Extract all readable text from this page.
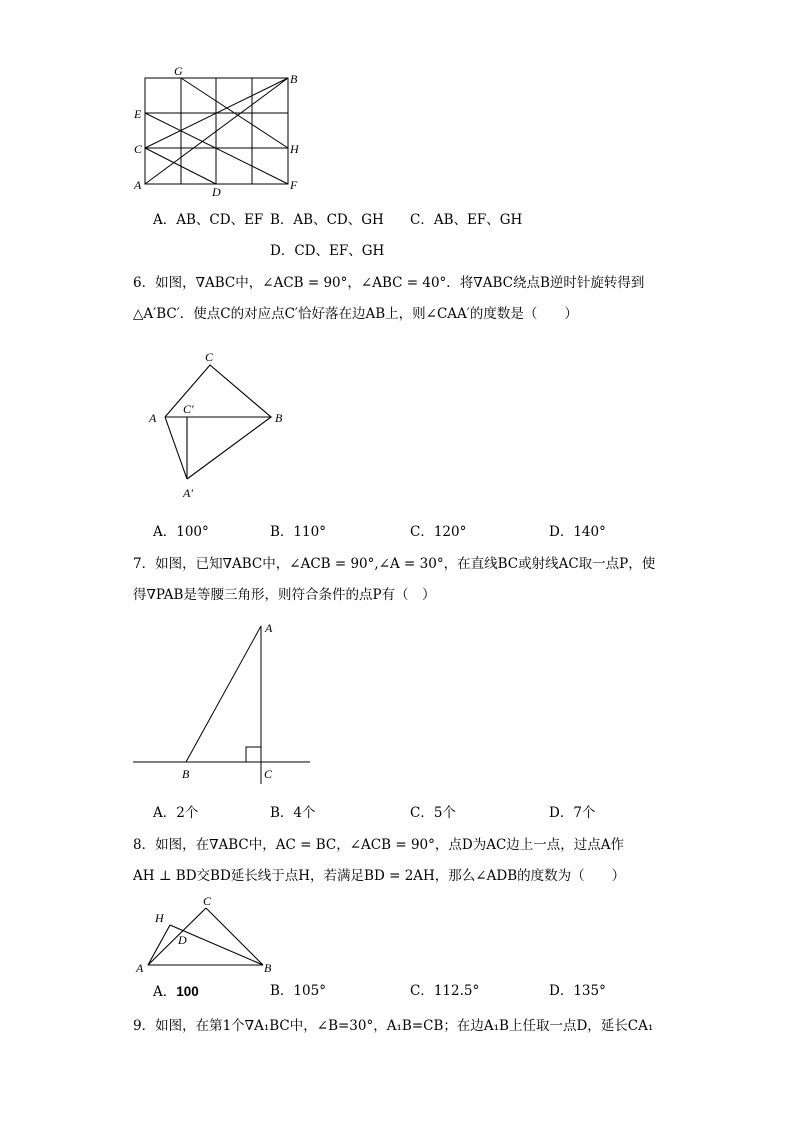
G
B
E
C	H
A	D	F
A．AB、CD、EF B．AB、CD、GH C．AB、EF、GH
D．CD、EF、GH
6．如图，∇ABC中，∠ACB = 90°，∠ABC = 40°．将∇ABC绕点B逆时针旋转得到
△A′BC′．使点C的对应点C′恰好落在边AB上，则∠CAA′的度数是（　　）
C
A
C′
B
A′
A．100°	B．110°	C．120°	D．140°
7．如图，已知∇ABC中，∠ACB = 90°,∠A = 30°，在直线BC或射线AC取一点P，使
得∇PAB是等腰三角形，则符合条件的点P有（　）
A
B	C
A．2个	B．4个	C．5个	D．7个
8．如图，在∇ABC中，AC = BC，∠ACB = 90°，点D为AC边上一点，过点A作
AH ⊥ BD交BD延长线于点H，若满足BD = 2AH，那么∠ADB的度数为（　　）
H
C
D
A	B
A．100	B．105°	C．112.5°	D．135°
9．如图，在第1个∇A₁BC中，∠B=30°，A₁B=CB；在边A₁B上任取一点D，延长CA₁
